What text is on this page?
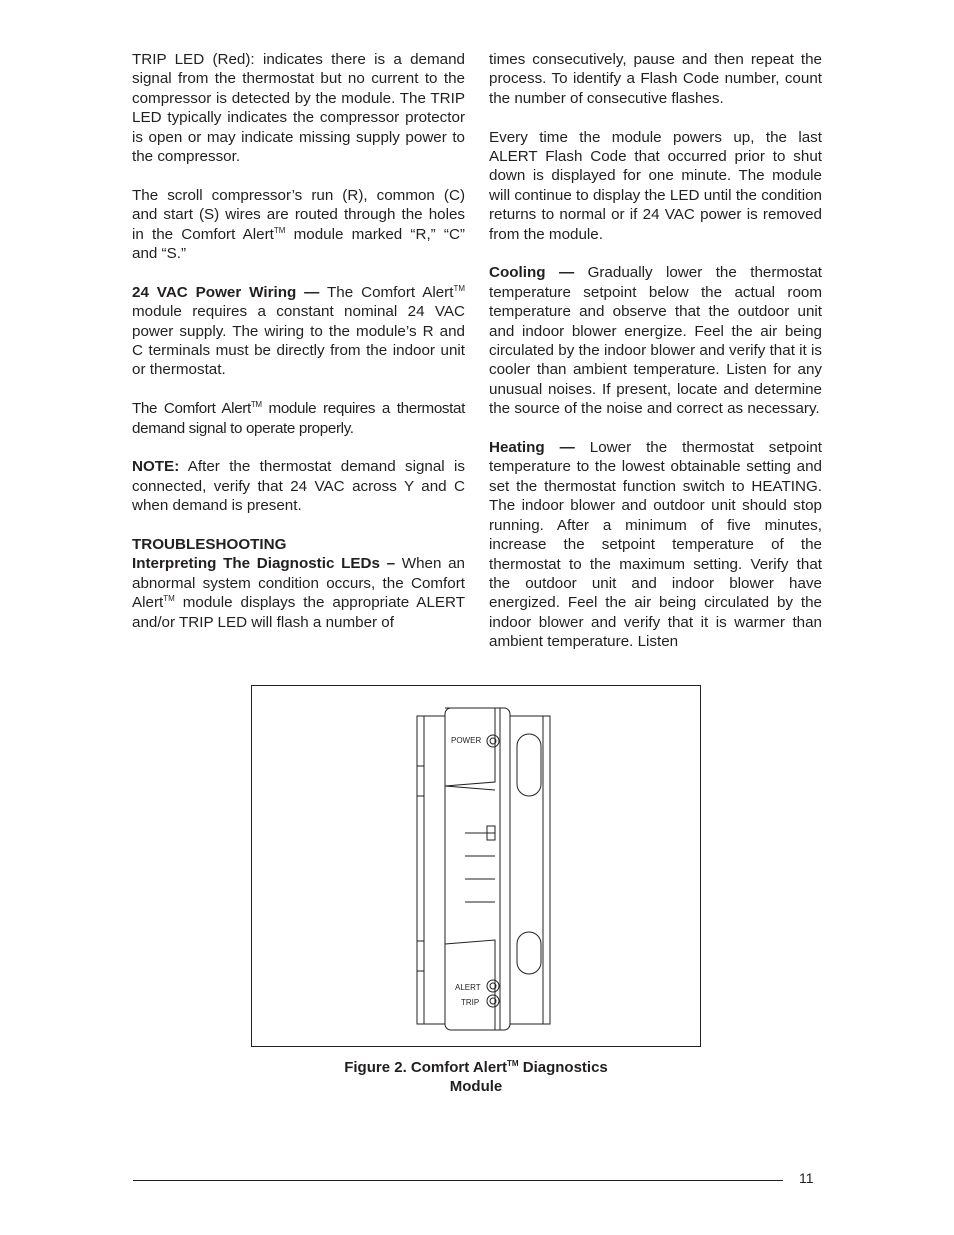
TRIP LED (Red): indicates there is a demand signal from the thermostat but no current to the compressor is detected by the module. The TRIP LED typically indicates the compressor protector is open or may indicate missing supply power to the compressor.

The scroll compressor’s run (R), common (C) and start (S) wires are routed through the holes in the Comfort Alert™ module marked “R,” “C” and “S.”

24 VAC Power Wiring — The Comfort Alert™ module requires a constant nominal 24 VAC power supply. The wiring to the module’s R and C terminals must be directly from the indoor unit or thermostat.

The Comfort Alert™ module requires a thermostat demand signal to operate properly.

NOTE: After the thermostat demand signal is connected, verify that 24 VAC across Y and C when demand is present.

TROUBLESHOOTING

Interpreting The Diagnostic LEDs – When an abnormal system condition occurs, the Comfort Alert™ module displays the appropriate ALERT and/or TRIP LED will flash a number of

times consecutively, pause and then repeat the process. To identify a Flash Code number, count the number of consecutive flashes.

Every time the module powers up, the last ALERT Flash Code that occurred prior to shut down is displayed for one minute. The module will continue to display the LED until the condition returns to normal or if 24 VAC power is removed from the module.

Cooling — Gradually lower the thermostat temperature setpoint below the actual room temperature and observe that the outdoor unit and indoor blower energize. Feel the air being circulated by the indoor blower and verify that it is cooler than ambient temperature. Listen for any unusual noises. If present, locate and determine the source of the noise and correct as necessary.

Heating — Lower the thermostat setpoint temperature to the lowest obtainable setting and set the thermostat function switch to HEATING. The indoor blower and outdoor unit should stop running. After a minimum of five minutes, increase the setpoint temperature of the thermostat to the maximum setting. Verify that the outdoor unit and indoor blower have energized. Feel the air being circulated by the indoor blower and verify that it is warmer than ambient temperature. Listen

POWER
ALERT
TRIP
Figure 2. Comfort Alert™ Diagnostics
Module
11
